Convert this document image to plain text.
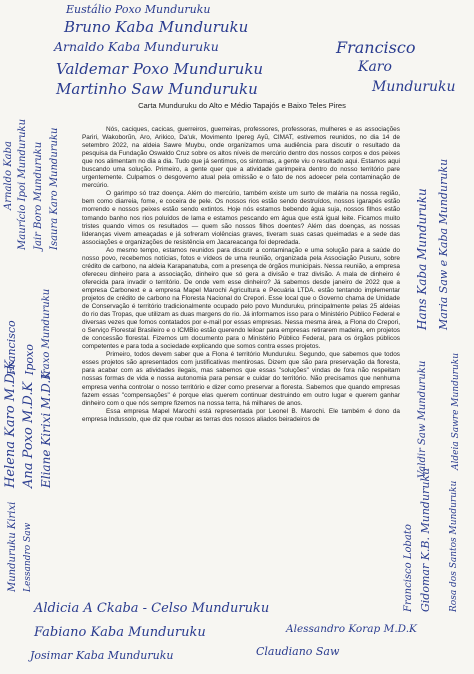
Eustálio Poxo Munduruku
Bruno Kaba Munduruku
Arnaldo Kaba Munduruku
Valdemar Poxo Munduruku
Martinho Saw Munduruku
Francisco
Karo
Munduruku
Arnaldo Kaba Maurício Ipoi Munduruku Jair Boro Munduruku Isaura Karo Munduruku
Helena Karo M.D.K
Francisco
Ana Poxo M.D.K
Ipoxo
Eliane Kirixi M.D.K
Iraxo Munduruku
Munduruku Kirixi Lessandro Saw
Hans Kaba Munduruku Maria Saw e Kaba Munduruku
Valdir Saw Munduruku	Aldeia Sawre Munduruku
Francisco Lobato Gidomar K.B. Munduruku Rosa dos Santos Munduruku
Carta Munduruku do Alto e Médio Tapajós e Baixo Teles Pires

Nós, caciques, cacicas, guerreiros, guerreiras, professores, professoras, mulheres e as associações Pariri, Wakoborũn, Aro, Arikico, Da'uk, Movimento Ipereg Ayũ, CIMAT, estivemos reunidos, no dia 14 de setembro 2022, na aldeia Sawre Muybu, onde organizamos uma audiência para discutir o resultado da pesquisa da Fundação Oswaldo Cruz sobre os altos níveis de mercúrio dentro dos nossos corpos e dos peixes que nos alimentam no dia a dia. Tudo que já sentimos, os sintomas, a gente viu o resultado aqui. Estamos aqui buscando uma solução. Primeiro, a gente quer que a atividade garimpeira dentro do nosso território pare urgentemente. Culpamos o desgoverno atual pela omissão e o fato de nos adoecer pela contaminação de mercúrio.

O garimpo só traz doença. Além do mercúrio, também existe um surto de malária na nossa região, bem como diarreia, fome, e coceira de pele. Os nossos rios estão sendo destruídos, nossos igarapés estão morrendo e nossos peixes estão sendo extintos. Hoje nós estamos bebendo água suja, nossos filhos estão tomando banho nos rios poluídos de lama e estamos pescando em água que está igual leite. Ficamos muito tristes quando vimos os resultados — quem são nossos filhos doentes? Além das doenças, as nossas lideranças vivem ameaçadas e já sofreram violências graves, tiveram suas casas queimadas e a sede das associações e organizações de resistência em Jacareacanga foi depredada.

Ao mesmo tempo, estamos reunidos para discutir a contaminação e uma solução para a saúde do nosso povo, recebemos notícias, fotos e vídeos de uma reunião, organizada pela Associação Pusuru, sobre crédito de carbono, na aldeia Karapanatuba, com a presença de órgãos municipais. Nessa reunião, a empresa ofereceu dinheiro para a associação, dinheiro que só gera a divisão e traz divisão. A mala de dinheiro é oferecida para invadir o território. De onde vem esse dinheiro? Já sabemos desde janeiro de 2022 que a empresa Carbonext e a empresa Mapel Marochi Agricultura e Pecuária LTDA. estão tentando implementar projetos de crédito de carbono na Floresta Nacional do Crepori. Esse local que o Governo chama de Unidade de Conservação é território tradicionalmente ocupado pelo povo Munduruku, principalmente pelas 25 aldeias do rio das Tropas, que utilizam as duas margens do rio. Já informamos isso para o Ministério Público Federal e diversas vezes que fomos contatados por e-mail por essas empresas. Nessa mesma área, a Flona do Crepori, o Serviço Florestal Brasileiro e o ICMBio estão querendo leiloar para empresas retirarem madeira, em projetos de concessão florestal. Fizemos um documento para o Ministério Público Federal, para os órgãos públicos competentes e para toda a sociedade explicando que somos contra esses projetos.

Primeiro, todos devem saber que a Flona é território Munduruku. Segundo, que sabemos que todos esses projetos são apresentados com justificativas mentirosas. Dizem que são para preservação da floresta, para acabar com as atividades ilegais, mas sabemos que essas "soluções" vindas de fora não respeitam nossas formas de vida e nossa autonomia para pensar e cuidar do território. Não precisamos que nenhuma empresa venha controlar o nosso território e dizer como preservar a floresta. Sabemos que quando empresas fazem essas "compensações" é porque elas querem continuar destruindo em outro lugar e querem ganhar dinheiro com o que nós sempre fizemos na nossa terra, há milhares de anos.

Essa empresa Mapel Marochi está representada por Leonel B. Marochi. Ele também é dono da empresa Indussolo, que diz que roubar as terras dos nossos aliados beiradeiros de

Aldicia A Ckaba - Celso Munduruku
Alessandro Korap M.D.K
Fabiano Kaba Munduruku
Claudiano Saw
Josimar Kaba Munduruku
